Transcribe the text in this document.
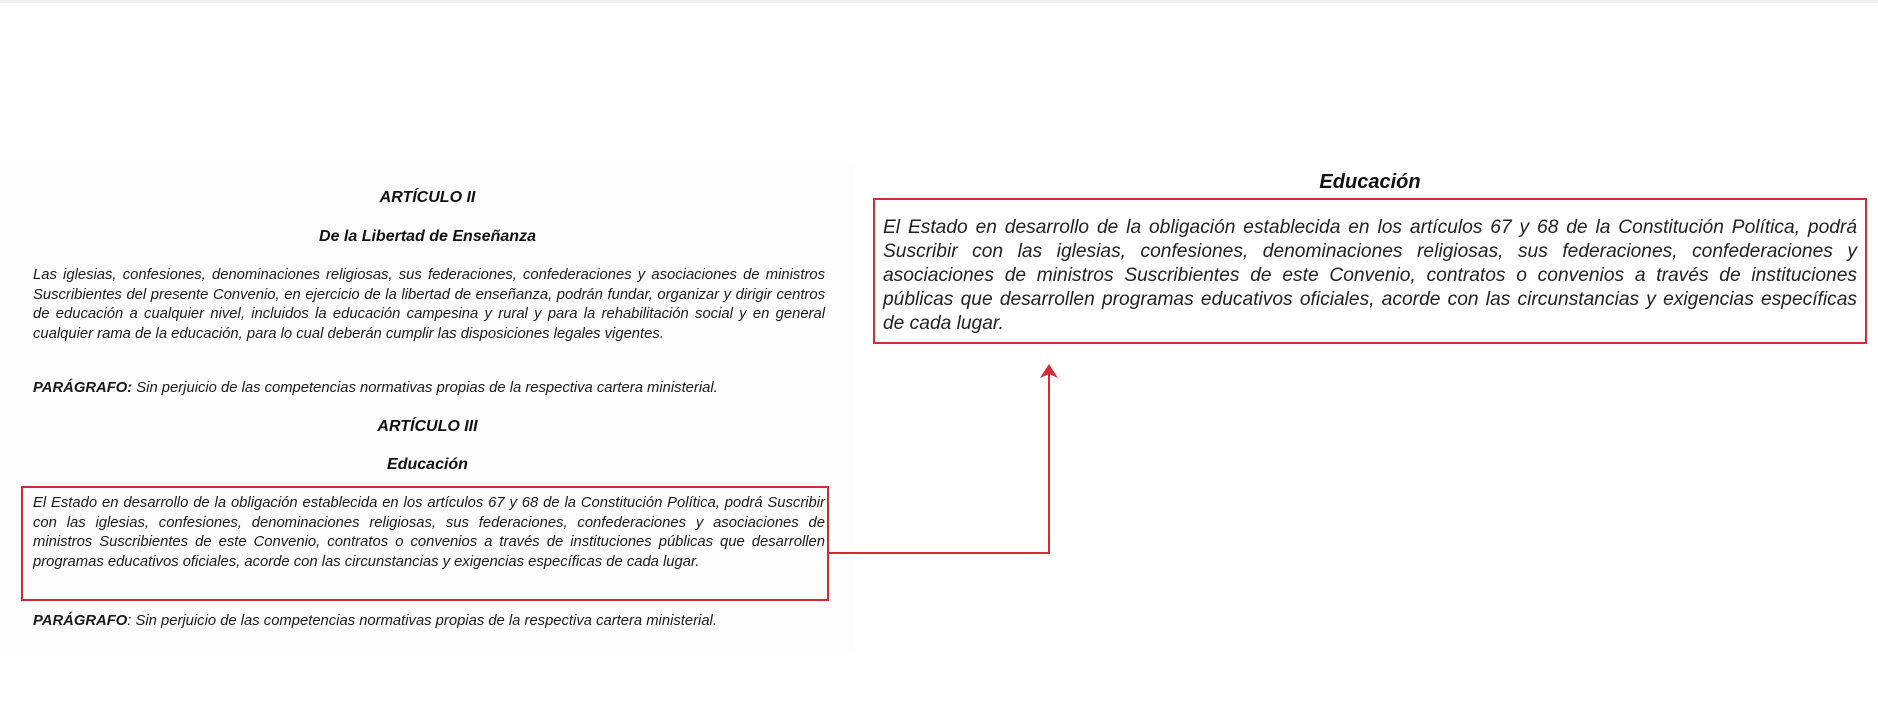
ARTÍCULO II
De la Libertad de Enseñanza

Las iglesias, confesiones, denominaciones religiosas, sus federaciones, confederaciones y asociaciones de ministros Suscribientes del presente Convenio, en ejercicio de la libertad de enseñanza, podrán fundar, organizar y dirigir centros de educación a cualquier nivel, incluidos la educación campesina y rural y para la rehabilitación social y en general cualquier rama de la educación, para lo cual deberán cumplir las disposiciones legales vigentes.

PARÁGRAFO: Sin perjuicio de las competencias normativas propias de la respectiva cartera ministerial.

ARTÍCULO III
Educación

El Estado en desarrollo de la obligación establecida en los artículos 67 y 68 de la Constitución Política, podrá Suscribir con las iglesias, confesiones, denominaciones religiosas, sus federaciones, confederaciones y asociaciones de ministros Suscribientes de este Convenio, contratos o convenios a través de instituciones públicas que desarrollen programas educativos oficiales, acorde con las circunstancias y exigencias específicas de cada lugar.

PARÁGRAFO: Sin perjuicio de las competencias normativas propias de la respectiva cartera ministerial.

Educación

El Estado en desarrollo de la obligación establecida en los artículos 67 y 68 de la Constitución Política, podrá Suscribir con las iglesias, confesiones, denominaciones religiosas, sus federaciones, confederaciones y asociaciones de ministros Suscribientes de este Convenio, contratos o convenios a través de instituciones públicas que desarrollen programas educativos oficiales, acorde con las circunstancias y exigencias específicas de cada lugar.
